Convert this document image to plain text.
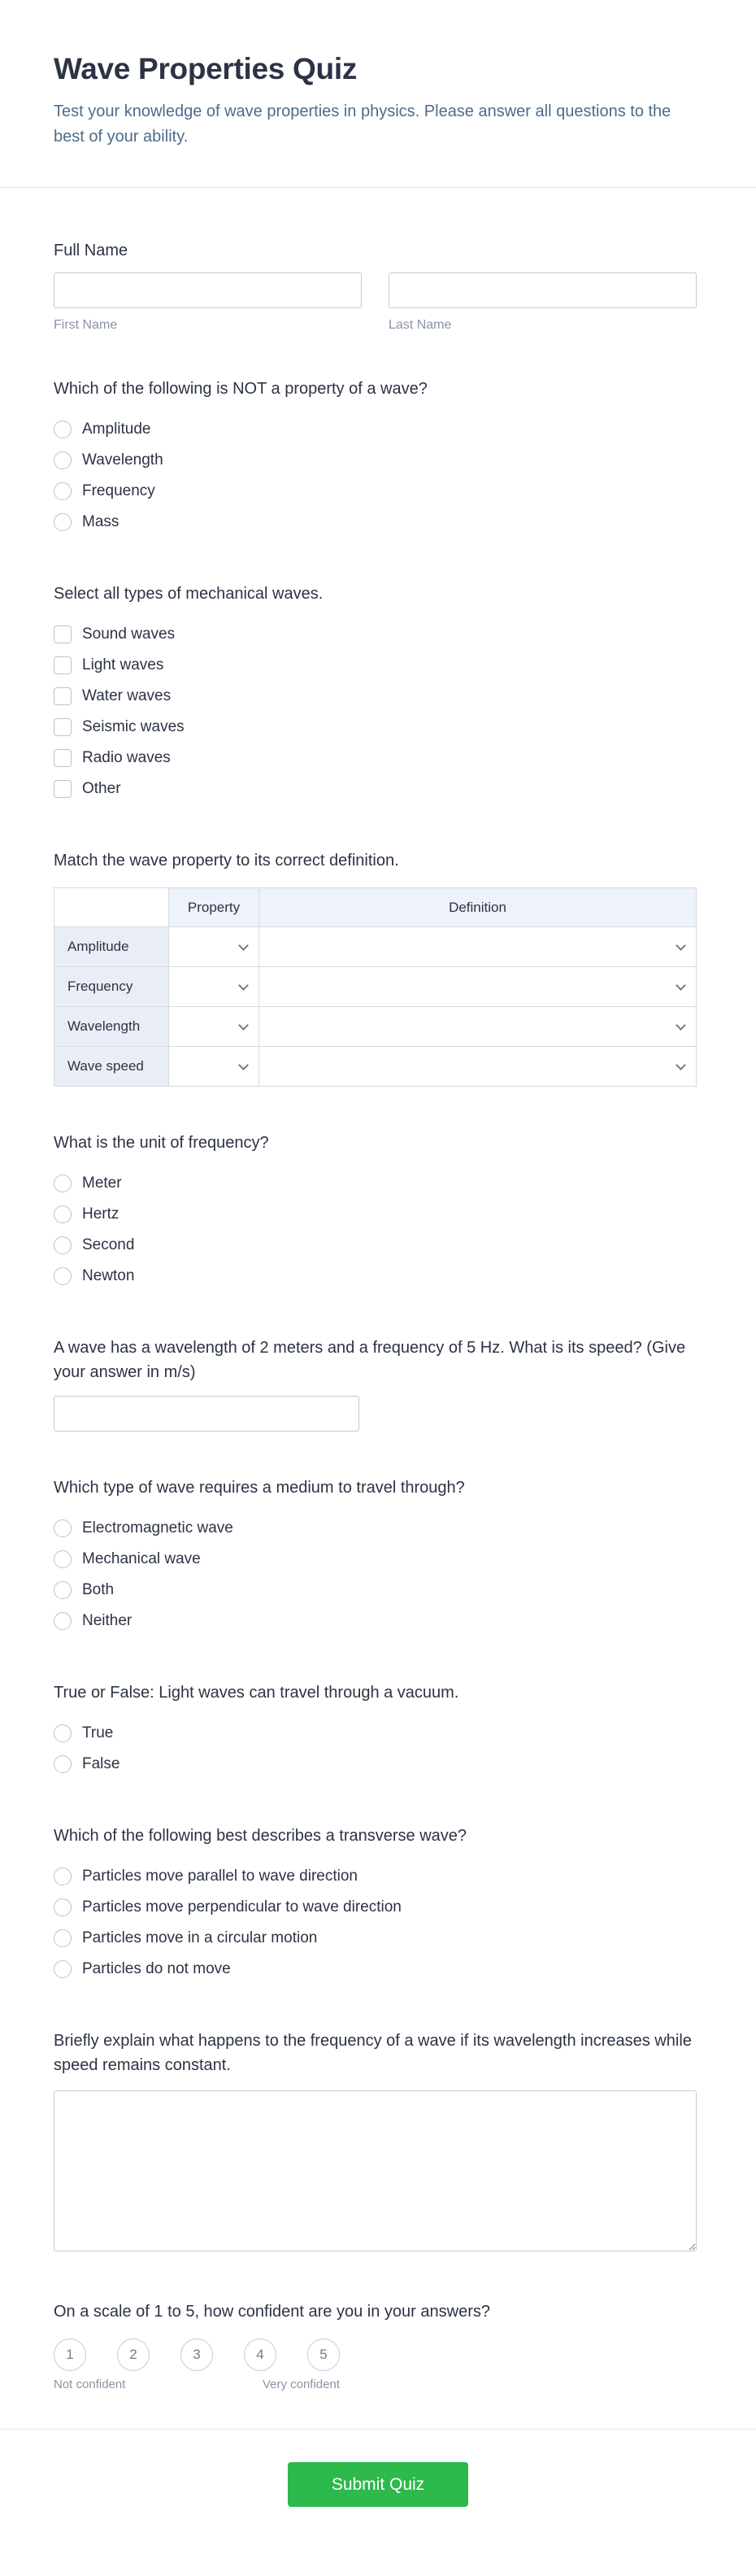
Wave Properties Quiz

Test your knowledge of wave properties in physics. Please answer all questions to the best of your ability.

Full Name
First Name	Last Name
Which of the following is NOT a property of a wave?
Amplitude
Wavelength
Frequency
Mass
Select all types of mechanical waves.
Sound waves
Light waves
Water waves
Seismic waves
Radio waves
Other
Match the wave property to its correct definition.
	Property	Definition
Amplitude	

Frequency	

Wavelength	

Wave speed	

What is the unit of frequency?
Meter
Hertz
Second
Newton
A wave has a wavelength of 2 meters and a frequency of 5 Hz. What is its speed? (Give your answer in m/s)
Which type of wave requires a medium to travel through?
Electromagnetic wave
Mechanical wave
Both
Neither
True or False: Light waves can travel through a vacuum.
True
False
Which of the following best describes a transverse wave?
Particles move parallel to wave direction
Particles move perpendicular to wave direction
Particles move in a circular motion
Particles do not move
Briefly explain what happens to the frequency of a wave if its wavelength increases while speed remains constant.
On a scale of 1 to 5, how confident are you in your answers?
1	2	3	4	5
Not confident	Very confident
Submit Quiz
